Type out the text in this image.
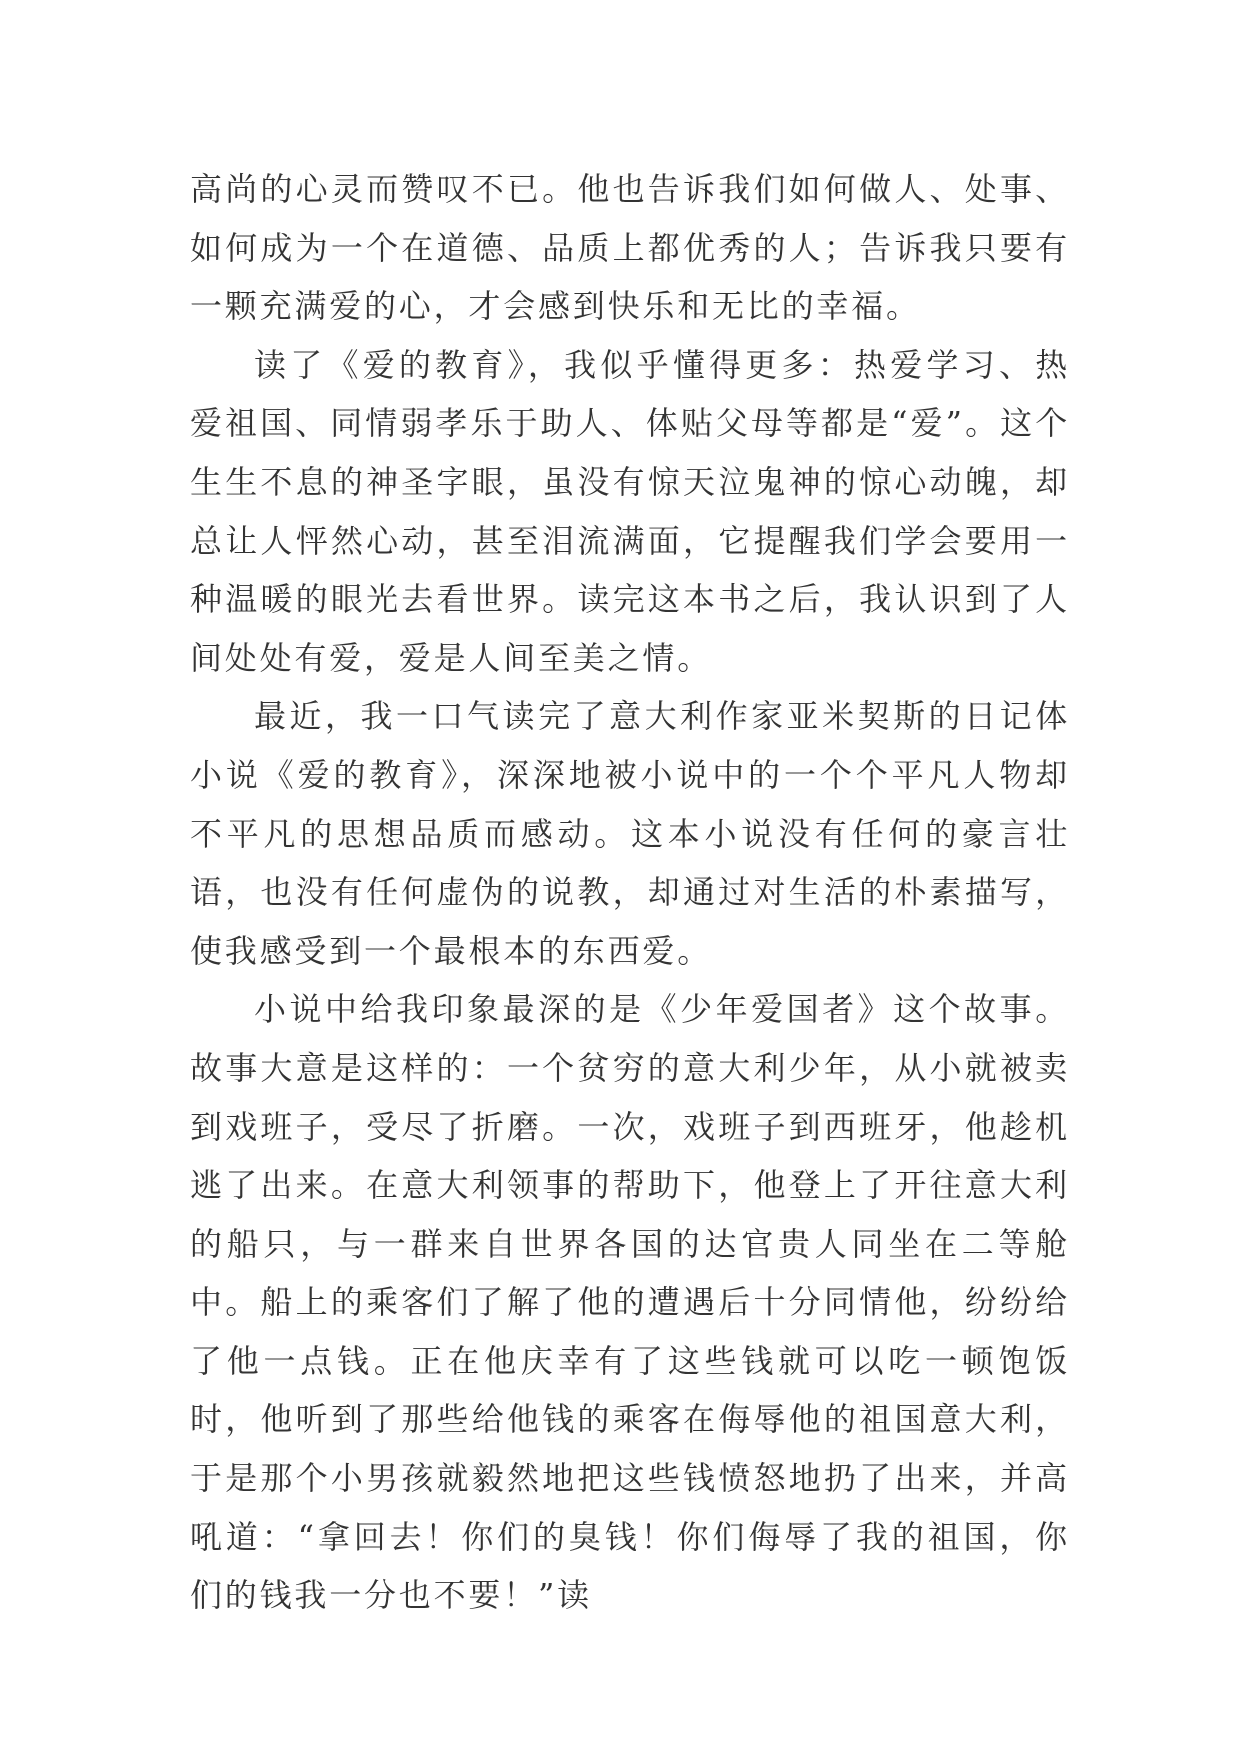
高尚的心灵而赞叹不已。他也告诉我们如何做人、处事、如何成为一个在道德、品质上都优秀的人；告诉我只要有一颗充满爱的心，才会感到快乐和无比的幸福。

读了《爱的教育》，我似乎懂得更多：热爱学习、热爱祖国、同情弱孝乐于助人、体贴父母等都是“爱”。这个生生不息的神圣字眼，虽没有惊天泣鬼神的惊心动魄，却总让人怦然心动，甚至泪流满面，它提醒我们学会要用一种温暖的眼光去看世界。读完这本书之后，我认识到了人间处处有爱，爱是人间至美之情。

最近，我一口气读完了意大利作家亚米契斯的日记体小说《爱的教育》，深深地被小说中的一个个平凡人物却不平凡的思想品质而感动。这本小说没有任何的豪言壮语，也没有任何虚伪的说教，却通过对生活的朴素描写，使我感受到一个最根本的东西爱。

小说中给我印象最深的是《少年爱国者》这个故事。故事大意是这样的：一个贫穷的意大利少年，从小就被卖到戏班子，受尽了折磨。一次，戏班子到西班牙，他趁机逃了出来。在意大利领事的帮助下，他登上了开往意大利的船只，与一群来自世界各国的达官贵人同坐在二等舱中。船上的乘客们了解了他的遭遇后十分同情他，纷纷给了他一点钱。正在他庆幸有了这些钱就可以吃一顿饱饭时，他听到了那些给他钱的乘客在侮辱他的祖国意大利，于是那个小男孩就毅然地把这些钱愤怒地扔了出来，并高吼道：“拿回去！你们的臭钱！你们侮辱了我的祖国，你们的钱我一分也不要！”读
